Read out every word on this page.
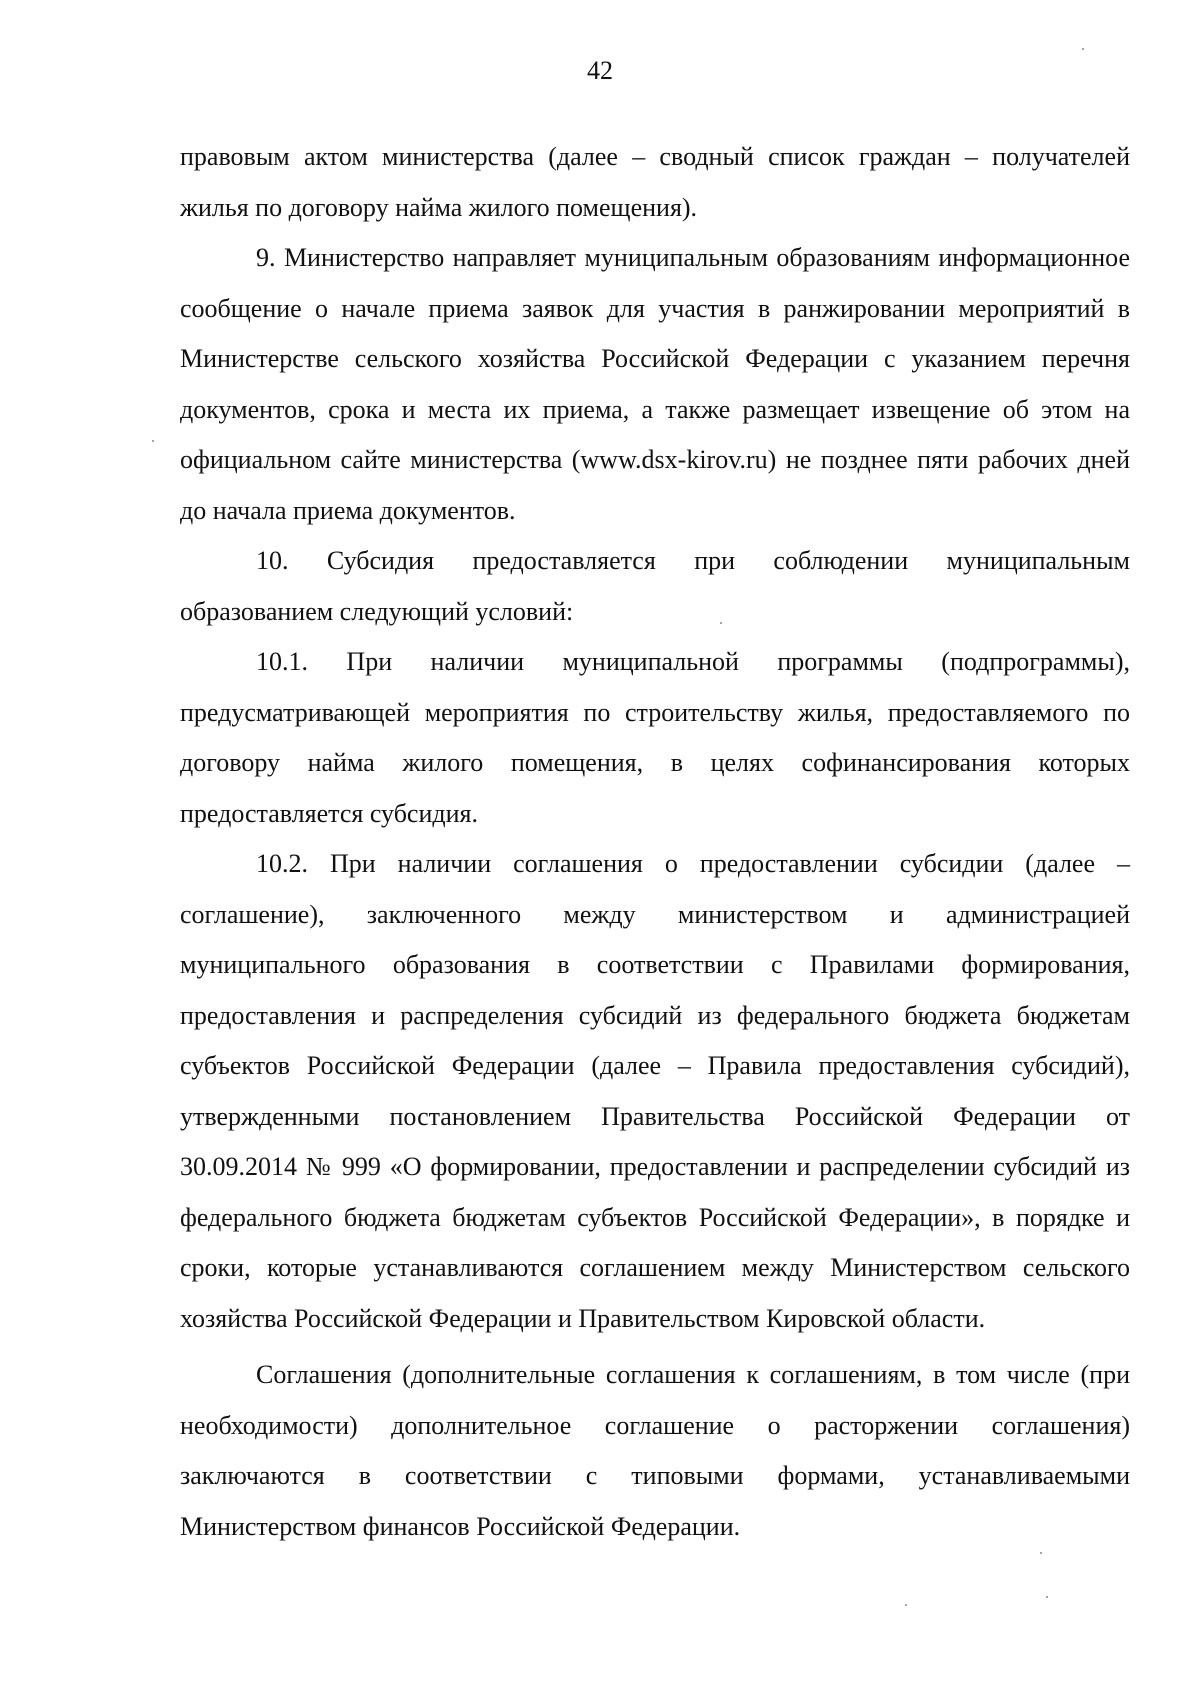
42

правовым актом министерства (далее – сводный список граждан – получателей жилья по договору найма жилого помещения).

9. Министерство направляет муниципальным образованиям информационное сообщение о начале приема заявок для участия в ранжировании мероприятий в Министерстве сельского хозяйства Российской Федерации с указанием перечня документов, срока и места их приема, а также размещает извещение об этом на официальном сайте министерства (www.dsx-kirov.ru) не позднее пяти рабочих дней до начала приема документов.

10. Субсидия предоставляется при соблюдении муниципальным образованием следующий условий:

10.1. При наличии муниципальной программы (подпрограммы), предусматривающей мероприятия по строительству жилья, предоставляемого по договору найма жилого помещения, в целях софинансирования которых предоставляется субсидия.

10.2. При наличии соглашения о предоставлении субсидии (далее – соглашение), заключенного между министерством и администрацией муниципального образования в соответствии с Правилами формирования, предоставления и распределения субсидий из федерального бюджета бюджетам субъектов Российской Федерации (далее – Правила предоставления субсидий), утвержденными постановлением Правительства Российской Федерации от 30.09.2014 № 999 «О формировании, предоставлении и распределении субсидий из федерального бюджета бюджетам субъектов Российской Федерации», в порядке и сроки, которые устанавливаются соглашением между Министерством сельского хозяйства Российской Федерации и Правительством Кировской области.

Соглашения (дополнительные соглашения к соглашениям, в том числе (при необходимости) дополнительное соглашение о расторжении соглашения) заключаются в соответствии с типовыми формами, устанавливаемыми Министерством финансов Российской Федерации.
